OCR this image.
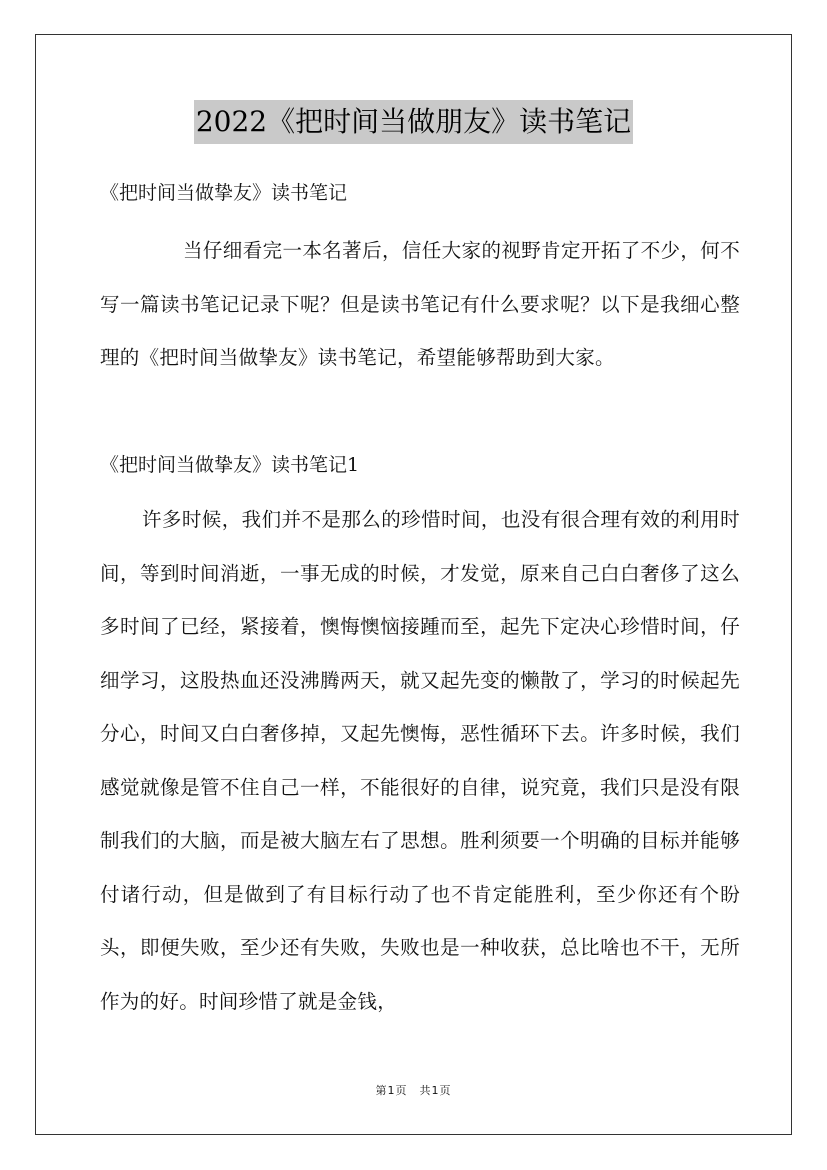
2022《把时间当做朋友》读书笔记
《把时间当做挚友》读书笔记

当仔细看完一本名著后，信任大家的视野肯定开拓了不少，何不写一篇读书笔记记录下呢？但是读书笔记有什么要求呢？以下是我细心整理的《把时间当做挚友》读书笔记，希望能够帮助到大家。

《把时间当做挚友》读书笔记1

许多时候，我们并不是那么的珍惜时间，也没有很合理有效的利用时间，等到时间消逝，一事无成的时候，才发觉，原来自己白白奢侈了这么多时间了已经，紧接着，懊悔懊恼接踵而至，起先下定决心珍惜时间，仔细学习，这股热血还没沸腾两天，就又起先变的懒散了，学习的时候起先分心，时间又白白奢侈掉，又起先懊悔，恶性循环下去。许多时候，我们感觉就像是管不住自己一样，不能很好的自律，说究竟，我们只是没有限制我们的大脑，而是被大脑左右了思想。胜利须要一个明确的目标并能够付诸行动，但是做到了有目标行动了也不肯定能胜利，至少你还有个盼头，即便失败，至少还有失败，失败也是一种收获，总比啥也不干，无所作为的好。时间珍惜了就是金钱，

第1页 共1页
